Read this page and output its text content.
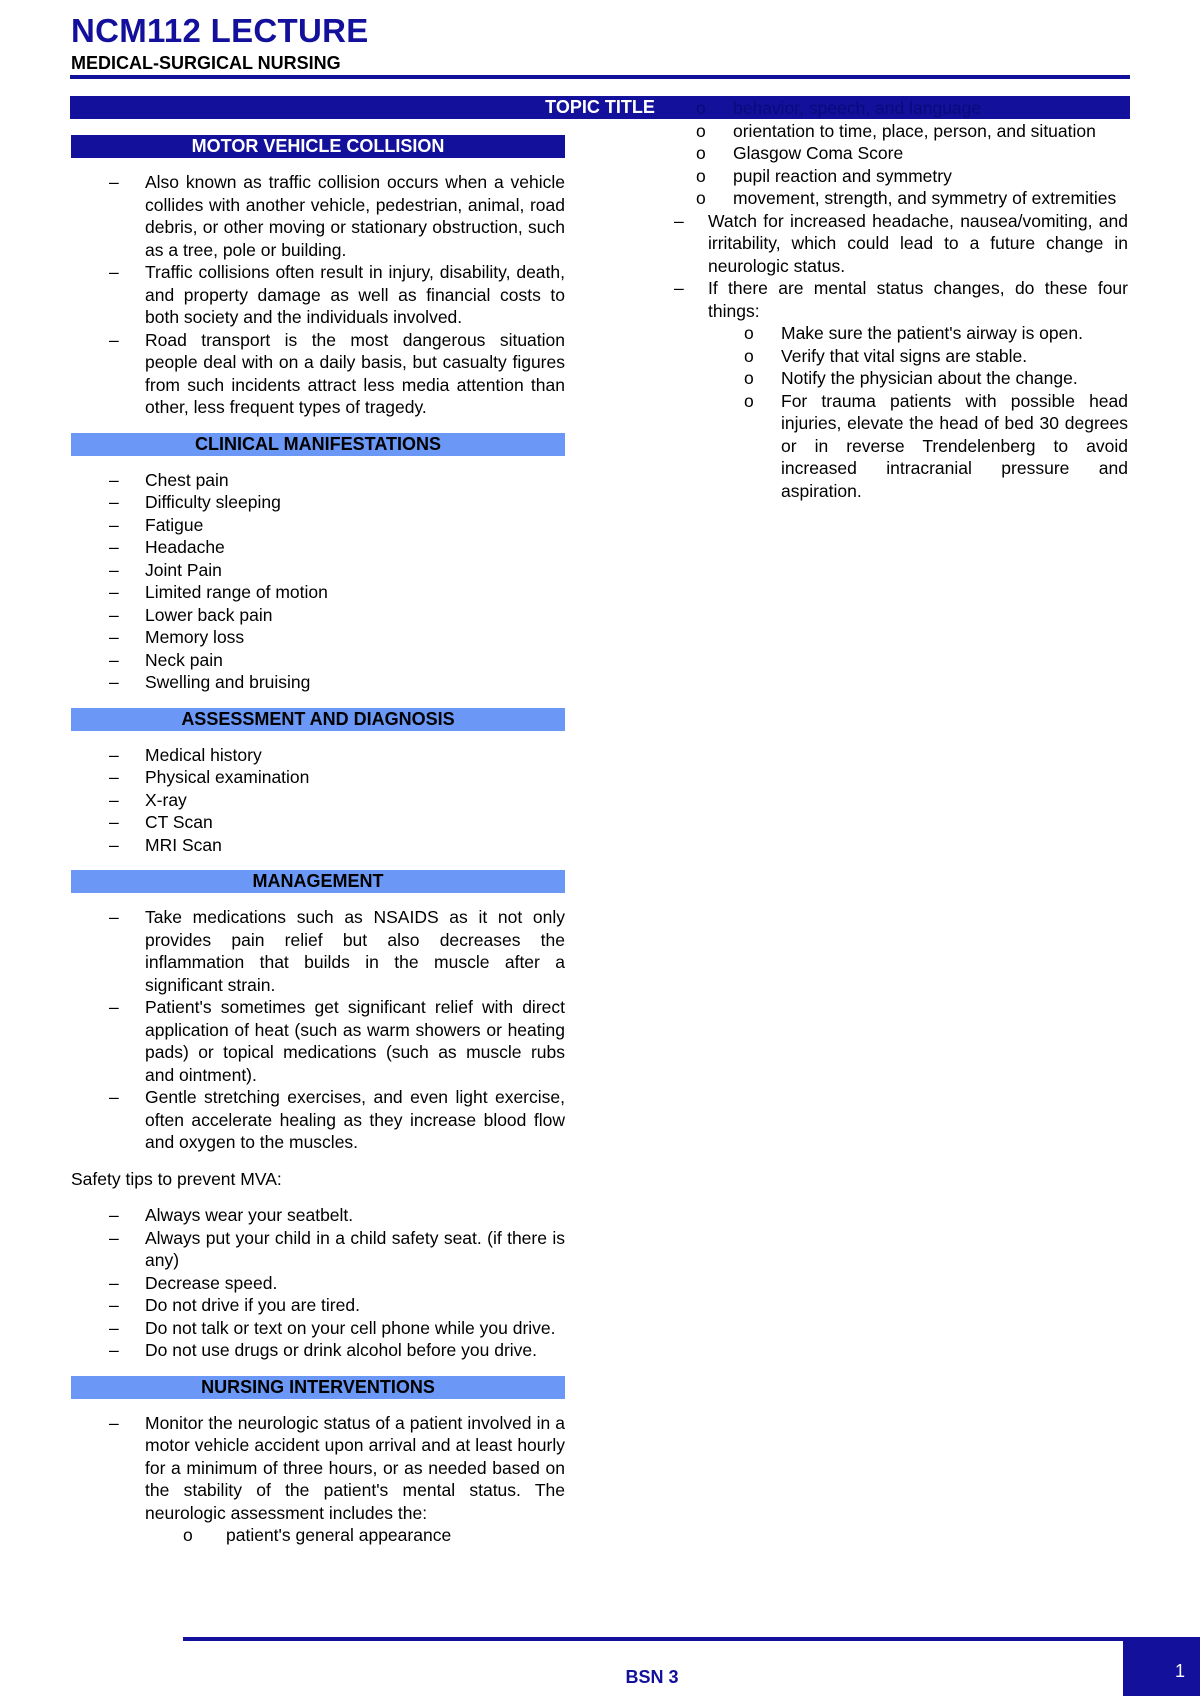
NCM112 LECTURE
MEDICAL-SURGICAL NURSING
TOPIC TITLE
MOTOR VEHICLE COLLISION
– Also known as traffic collision occurs when a vehicle collides with another vehicle, pedestrian, animal, road debris, or other moving or stationary obstruction, such as a tree, pole or building.
– Traffic collisions often result in injury, disability, death, and property damage as well as financial costs to both society and the individuals involved.
– Road transport is the most dangerous situation people deal with on a daily basis, but casualty figures from such incidents attract less media attention than other, less frequent types of tragedy.
CLINICAL MANIFESTATIONS
– Chest pain
– Difficulty sleeping
– Fatigue
– Headache
– Joint Pain
– Limited range of motion
– Lower back pain
– Memory loss
– Neck pain
– Swelling and bruising
ASSESSMENT AND DIAGNOSIS
– Medical history
– Physical examination
– X-ray
– CT Scan
– MRI Scan
MANAGEMENT
– Take medications such as NSAIDS as it not only provides pain relief but also decreases the inflammation that builds in the muscle after a significant strain.
– Patient's sometimes get significant relief with direct application of heat (such as warm showers or heating pads) or topical medications (such as muscle rubs and ointment).
– Gentle stretching exercises, and even light exercise, often accelerate healing as they increase blood flow and oxygen to the muscles.
Safety tips to prevent MVA:
– Always wear your seatbelt.
– Always put your child in a child safety seat. (if there is any)
– Decrease speed.
– Do not drive if you are tired.
– Do not talk or text on your cell phone while you drive.
– Do not use drugs or drink alcohol before you drive.
NURSING INTERVENTIONS
– Monitor the neurologic status of a patient involved in a motor vehicle accident upon arrival and at least hourly for a minimum of three hours, or as needed based on the stability of the patient's mental status. The neurologic assessment includes the:
o patient's general appearance
o behavior, speech, and language
o orientation to time, place, person, and situation
o Glasgow Coma Score
o pupil reaction and symmetry
o movement, strength, and symmetry of extremities
– Watch for increased headache, nausea/vomiting, and irritability, which could lead to a future change in neurologic status.
– If there are mental status changes, do these four things:
o Make sure the patient's airway is open.
o Verify that vital signs are stable.
o Notify the physician about the change.
o For trauma patients with possible head injuries, elevate the head of bed 30 degrees or in reverse Trendelenberg to avoid increased intracranial pressure and aspiration.
BSN 3	1
